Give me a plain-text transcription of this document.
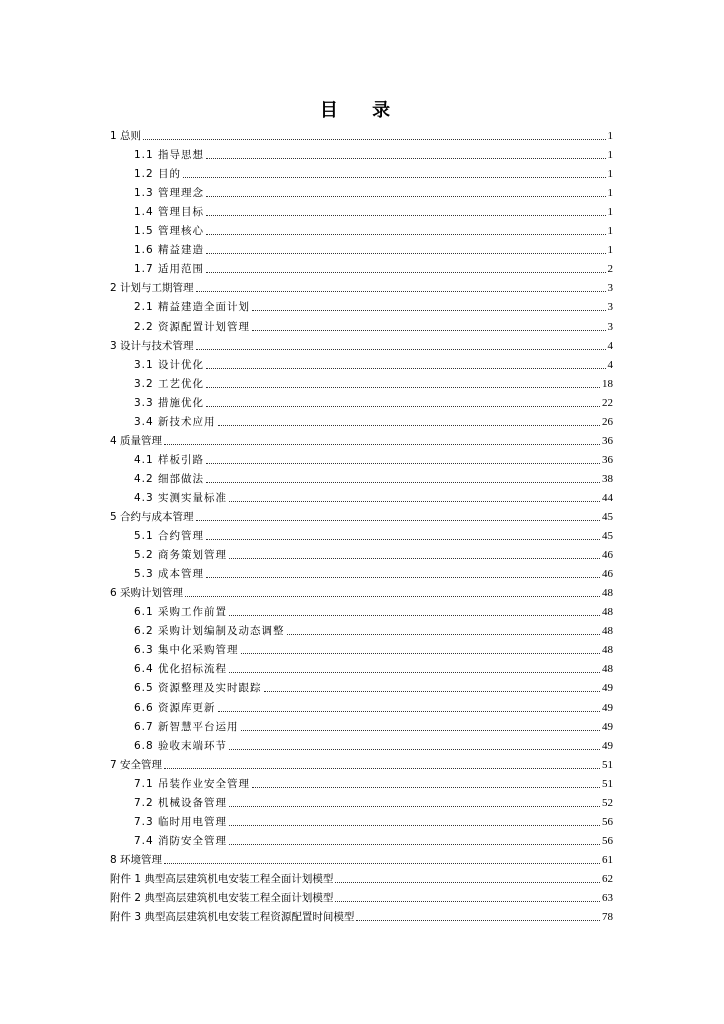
目 录
1 总则	1
1.1 指导思想	1
1.2 目的	1
1.3 管理理念	1
1.4 管理目标	1
1.5 管理核心	1
1.6 精益建造	1
1.7 适用范围	2
2 计划与工期管理	3
2.1 精益建造全面计划	3
2.2 资源配置计划管理	3
3 设计与技术管理	4
3.1 设计优化	4
3.2 工艺优化	18
3.3 措施优化	22
3.4 新技术应用	26
4 质量管理	36
4.1 样板引路	36
4.2 细部做法	38
4.3 实测实量标准	44
5 合约与成本管理	45
5.1 合约管理	45
5.2 商务策划管理	46
5.3 成本管理	46
6 采购计划管理	48
6.1 采购工作前置	48
6.2 采购计划编制及动态调整	48
6.3 集中化采购管理	48
6.4 优化招标流程	48
6.5 资源整理及实时跟踪	49
6.6 资源库更新	49
6.7 新智慧平台运用	49
6.8 验收末端环节	49
7 安全管理	51
7.1 吊装作业安全管理	51
7.2 机械设备管理	52
7.3 临时用电管理	56
7.4 消防安全管理	56
8 环境管理	61
附件 1 典型高层建筑机电安装工程全面计划模型	62
附件 2 典型高层建筑机电安装工程全面计划模型	63
附件 3 典型高层建筑机电安装工程资源配置时间模型	78
